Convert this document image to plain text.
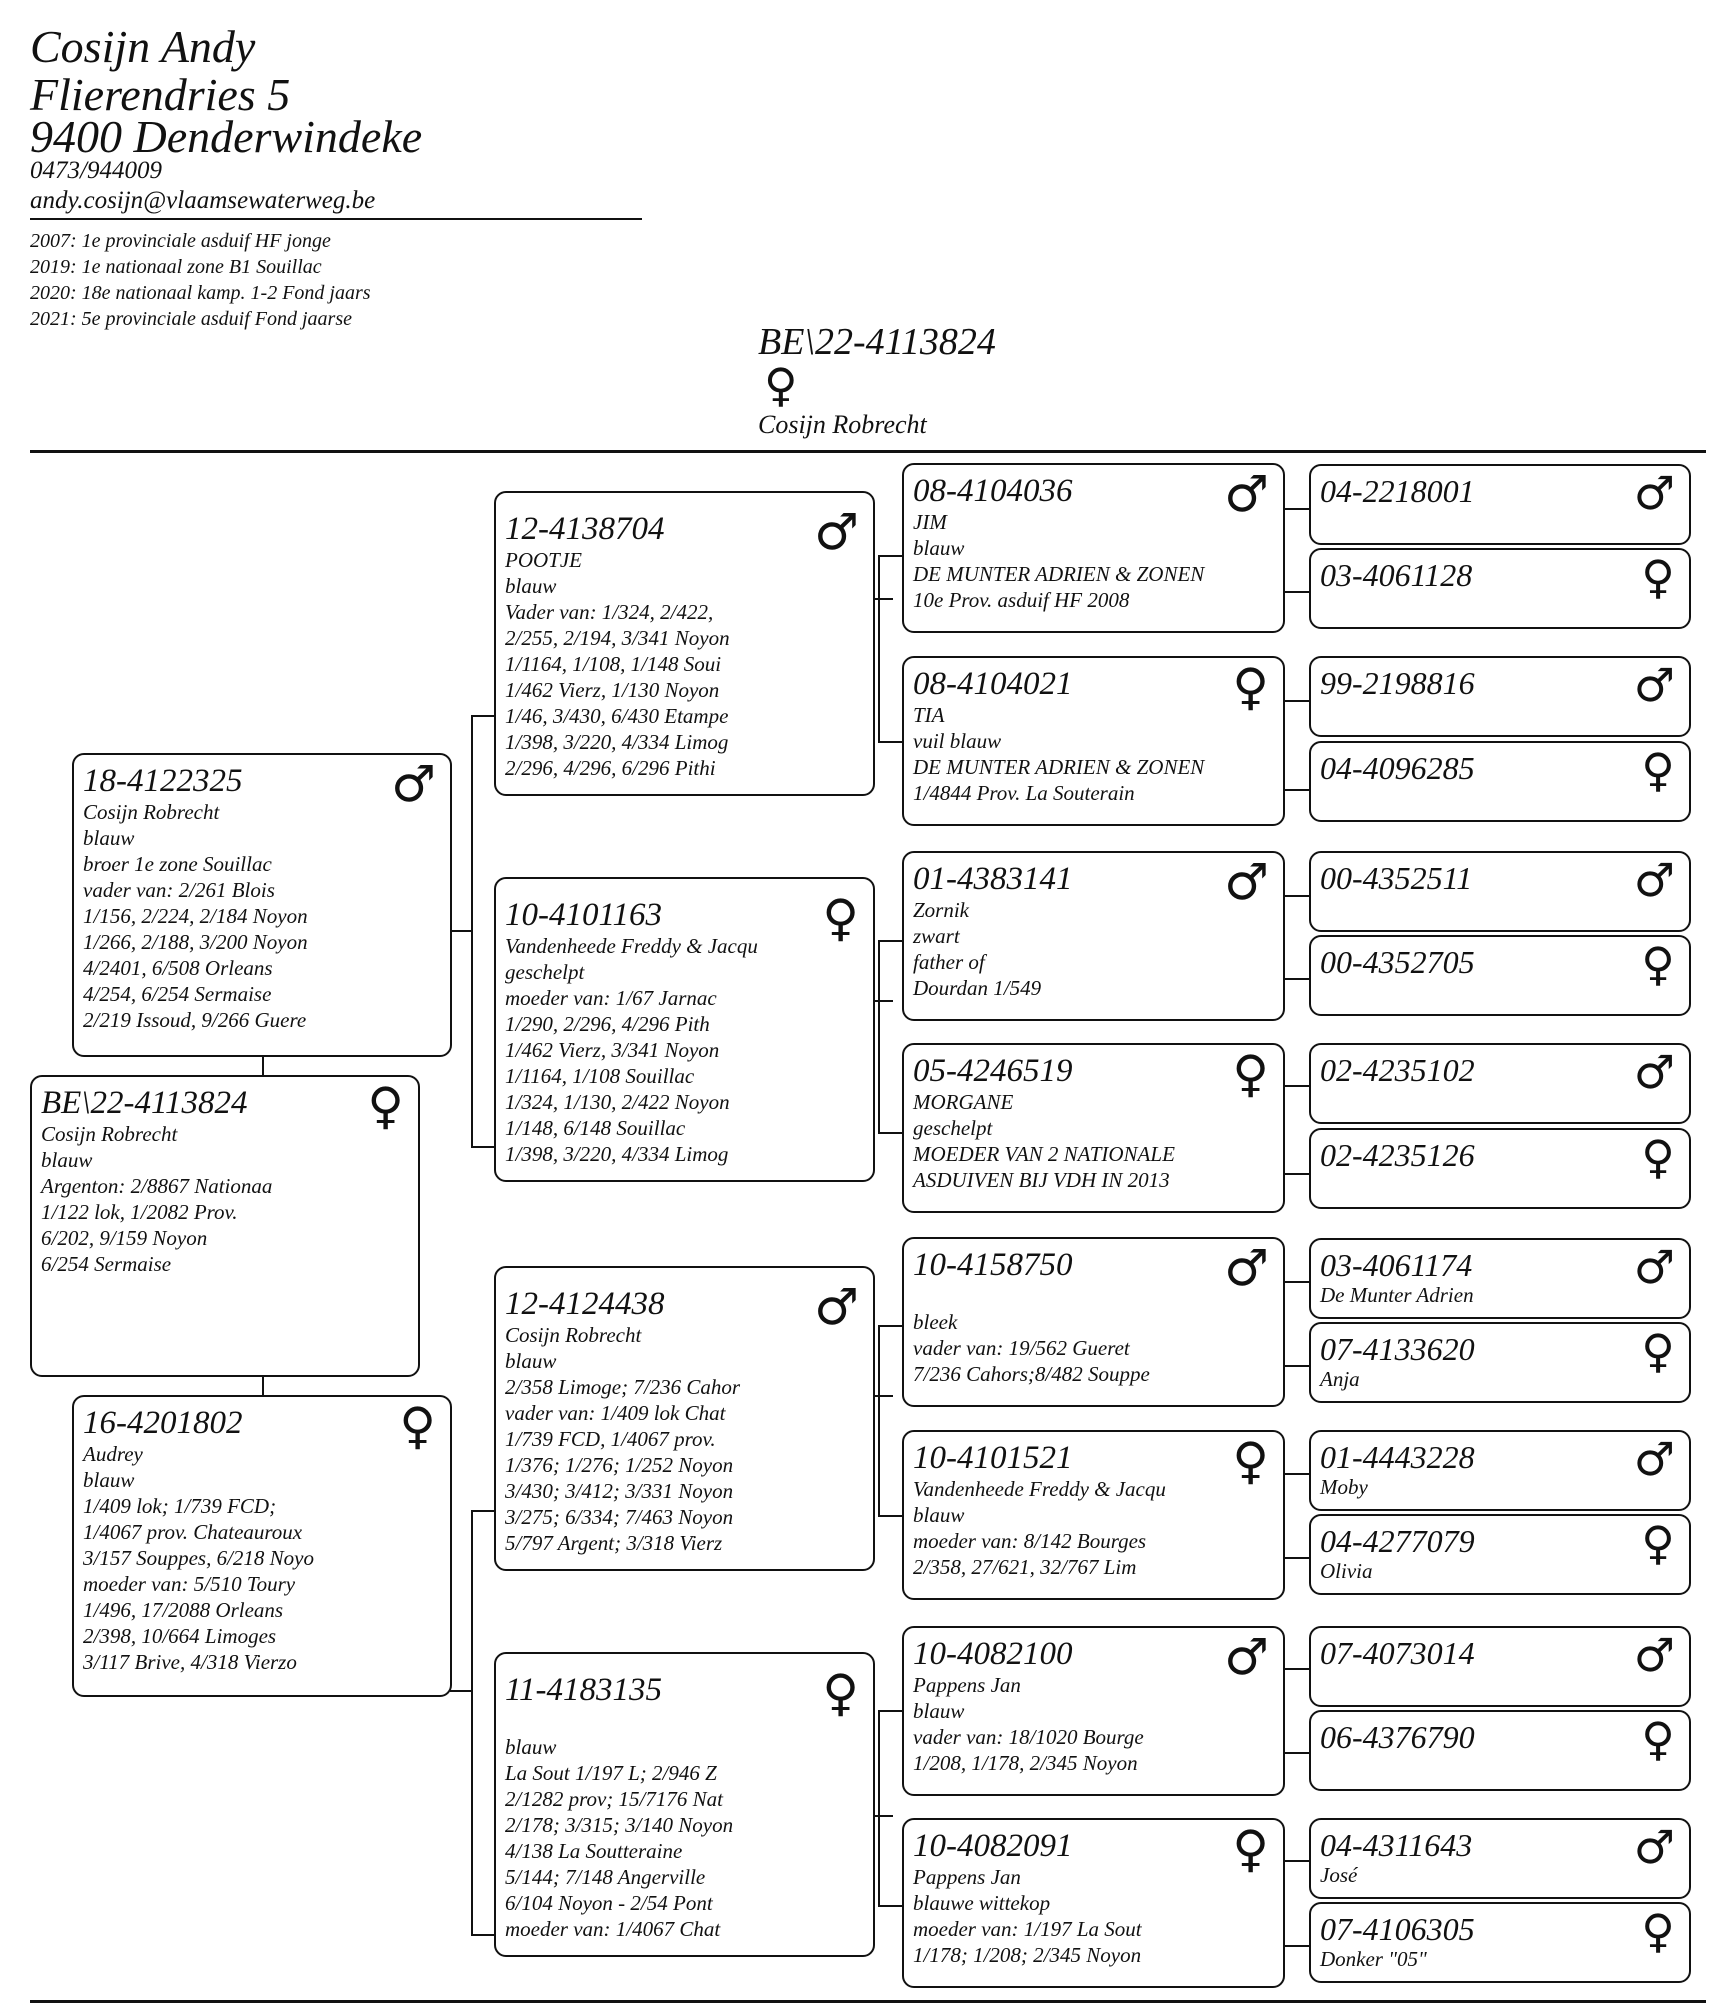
Cosijn Andy
Flierendries 5
9400 Denderwindeke
0473/944009
andy.cosijn@vlaamsewaterweg.be
2007: 1e provinciale asduif HF jonge
2019: 1e nationaal zone B1 Souillac
2020: 18e nationaal kamp. 1-2 Fond jaars
2021: 5e provinciale asduif Fond jaarse
BE\22-4113824
♀
Cosijn Robrecht
BE\22-4113824	♀
Cosijn Robrecht
blauw
Argenton: 2/8867 Nationaa
1/122 lok, 1/2082 Prov.
6/202, 9/159 Noyon
6/254 Sermaise
18-4122325	♂
Cosijn Robrecht
blauw
broer 1e zone Souillac
vader van: 2/261 Blois
1/156, 2/224, 2/184 Noyon
1/266, 2/188, 3/200 Noyon
4/2401, 6/508 Orleans
4/254, 6/254 Sermaise
2/219 Issoud, 9/266 Guere
16-4201802	♀
Audrey
blauw
1/409 lok; 1/739 FCD;
1/4067 prov. Chateauroux
3/157 Souppes, 6/218 Noyo
moeder van: 5/510 Toury
1/496, 17/2088 Orleans
2/398, 10/664 Limoges
3/117 Brive, 4/318 Vierzo
12-4138704	♂
POOTJE
blauw
Vader van: 1/324, 2/422,
2/255, 2/194, 3/341 Noyon
1/1164, 1/108, 1/148 Soui
1/462 Vierz, 1/130 Noyon
1/46, 3/430, 6/430 Etampe
1/398, 3/220, 4/334 Limog
2/296, 4/296, 6/296 Pithi
10-4101163	♀
Vandenheede Freddy & Jacqu
geschelpt
moeder van: 1/67 Jarnac
1/290, 2/296, 4/296 Pith
1/462 Vierz, 3/341 Noyon
1/1164, 1/108 Souillac
1/324, 1/130, 2/422 Noyon
1/148, 6/148 Souillac
1/398, 3/220, 4/334 Limog
12-4124438	♂
Cosijn Robrecht
blauw
2/358 Limoge; 7/236 Cahor
vader van: 1/409 lok Chat
1/739 FCD, 1/4067 prov.
1/376; 1/276; 1/252 Noyon
3/430; 3/412; 3/331 Noyon
3/275; 6/334; 7/463 Noyon
5/797 Argent; 3/318 Vierz
11-4183135	♀
blauw
La Sout 1/197 L; 2/946 Z
2/1282 prov; 15/7176 Nat
2/178; 3/315; 3/140 Noyon
4/138 La Soutteraine
5/144; 7/148 Angerville
6/104 Noyon - 2/54 Pont
moeder van: 1/4067 Chat
08-4104036	♂
JIM
blauw
DE MUNTER ADRIEN & ZONEN
10e Prov. asduif HF 2008
08-4104021	♀
TIA
vuil blauw
DE MUNTER ADRIEN & ZONEN
1/4844 Prov. La Souterain
01-4383141	♂
Zornik
zwart
father of
Dourdan 1/549
05-4246519	♀
MORGANE
geschelpt
MOEDER VAN 2 NATIONALE
ASDUIVEN BIJ VDH IN 2013
10-4158750	♂
bleek
vader van: 19/562 Gueret
7/236 Cahors;8/482 Souppe
10-4101521	♀
Vandenheede Freddy & Jacqu
blauw
moeder van: 8/142 Bourges
2/358, 27/621, 32/767 Lim
10-4082100	♂
Pappens Jan
blauw
vader van: 18/1020 Bourge
1/208, 1/178, 2/345 Noyon
10-4082091	♀
Pappens Jan
blauwe wittekop
moeder van: 1/197 La Sout
1/178; 1/208; 2/345 Noyon
04-2218001	♂
03-4061128	♀
99-2198816	♂
04-4096285	♀
00-4352511	♂
00-4352705	♀
02-4235102	♂
02-4235126	♀
03-4061174	♂
De Munter Adrien
07-4133620	♀
Anja
01-4443228	♂
Moby
04-4277079	♀
Olivia
07-4073014	♂
06-4376790	♀
04-4311643	♂
José
07-4106305	♀
Donker "05"
